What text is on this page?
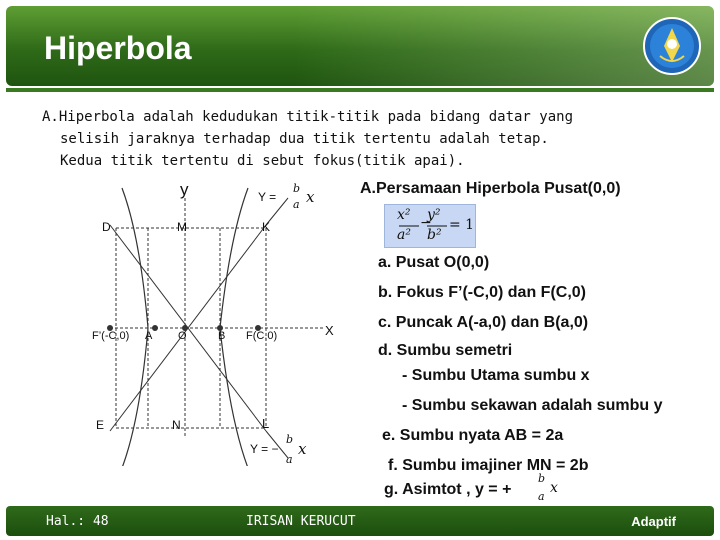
Hiperbola
A.Hiperbola adalah kedudukan titik-titik pada bidang datar yang
selisih jaraknya terhadap dua titik tertentu adalah tetap.
Kedua titik tertentu di sebut fokus(titik apai).
y	Y =
b
a x
D	M	K
F’(-C,0) A O	B F(C,0)	X
E	N	L
Y = −
b
a
x
A.Persamaan Hiperbola Pusat(0,0)
x²
a²
−
y²
b²
= 1
a. Pusat O(0,0)
b. Fokus F’(-C,0) dan F(C,0)
c. Puncak A(-a,0) dan B(a,0)
d. Sumbu semetri
- Sumbu Utama sumbu x
- Sumbu sekawan adalah sumbu y
e. Sumbu nyata AB = 2a
f. Sumbu imajiner MN = 2b
g. Asimtot , y = +
b
a
x
Hal.: 48	IRISAN KERUCUT	Adaptif
